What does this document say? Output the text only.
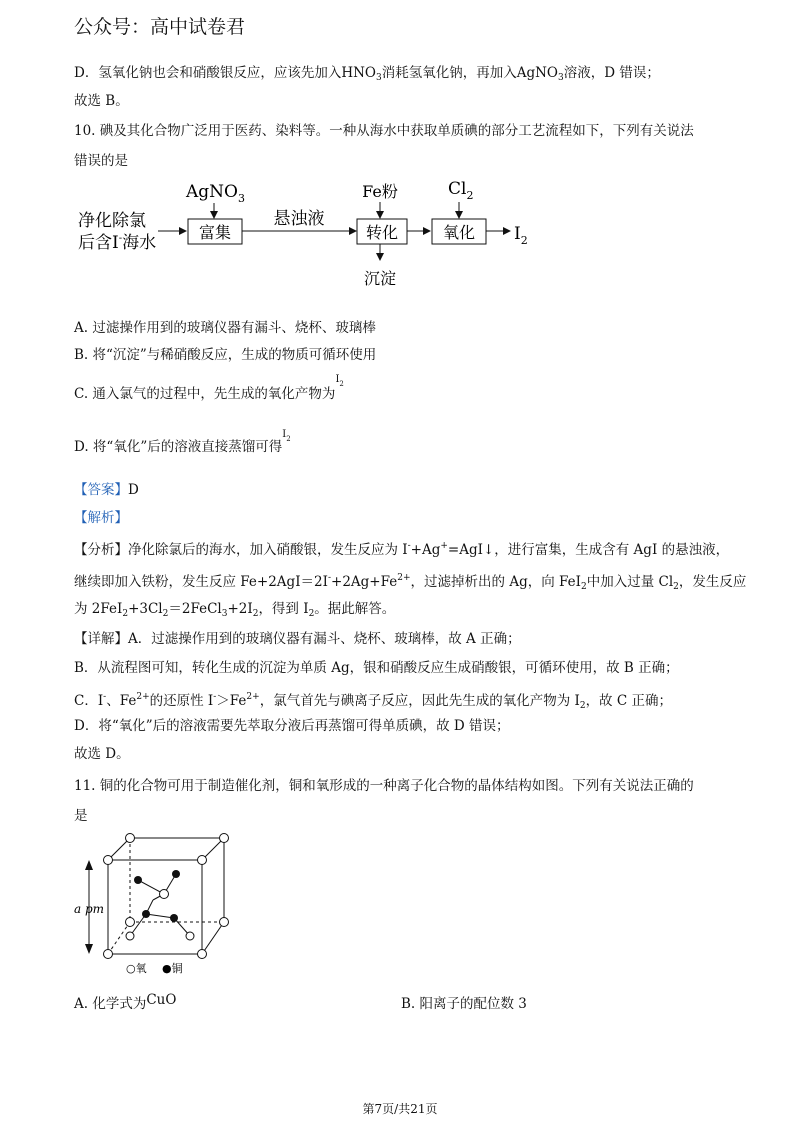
公众号：高中试卷君
D．氢氧化钠也会和硝酸银反应，应该先加入$HNO_3$消耗氢氧化钠，再加入AgNO$_3$溶液，D 错误；
故选 B。
10. 碘及其化合物广泛用于医药、染料等。一种从海水中获取单质碘的部分工艺流程如下，下列有关说法
错误的是
净化除氯
后含I-海水
AgNO$_3$
富集
悬浊液
Fe粉
转化
沉淀
$Cl_2$
氧化 $I_2$
A. 过滤操作用到的玻璃仪器有漏斗、烧杯、玻璃棒
B. 将“沉淀”与稀硝酸反应，生成的物质可循环使用
C. 通入氯气的过程中，先生成的氧化产物为$^{I2}$
D. 将“氧化”后的溶液直接蒸馏可得$^{I2}$
【答案】D
【解析】
【分析】净化除氯后的海水，加入硝酸银，发生反应为 I-+Ag+=AgI↓，进行富集，生成含有 AgI 的悬浊液，
继续即加入铁粉，发生反应 $Fe+2AgI=2I^-+2Ag+Fe^{2+}$，过滤掉析出的 Ag，向 FeI$_2$中加入过量 $Cl_2$，发生反应
为 $2FeI_2+3Cl_2=2FeCl_3+2I_2$，得到 $I_2$。据此解答。
【详解】A．过滤操作用到的玻璃仪器有漏斗、烧杯、玻璃棒，故 A 正确；
B．从流程图可知，转化生成的沉淀为单质 Ag，银和硝酸反应生成硝酸银，可循环使用，故 B 正确；
C．I-、$Fe^{2+}$的还原性 $I^->Fe^{2+}$，氯气首先与碘离子反应，因此先生成的氧化产物为 $I_2$，故 C 正确；
D．将“氧化”后的溶液需要先萃取分液后再蒸馏可得单质碘，故 D 错误；
故选 D。
11. 铜的化合物可用于制造催化剂，铜和氧形成的一种离子化合物的晶体结构如图。下列有关说法正确的
是
a pm
○氧 ●铜
A. 化学式为CuO	B. 阳离子的配位数 3
第7页/共21页
